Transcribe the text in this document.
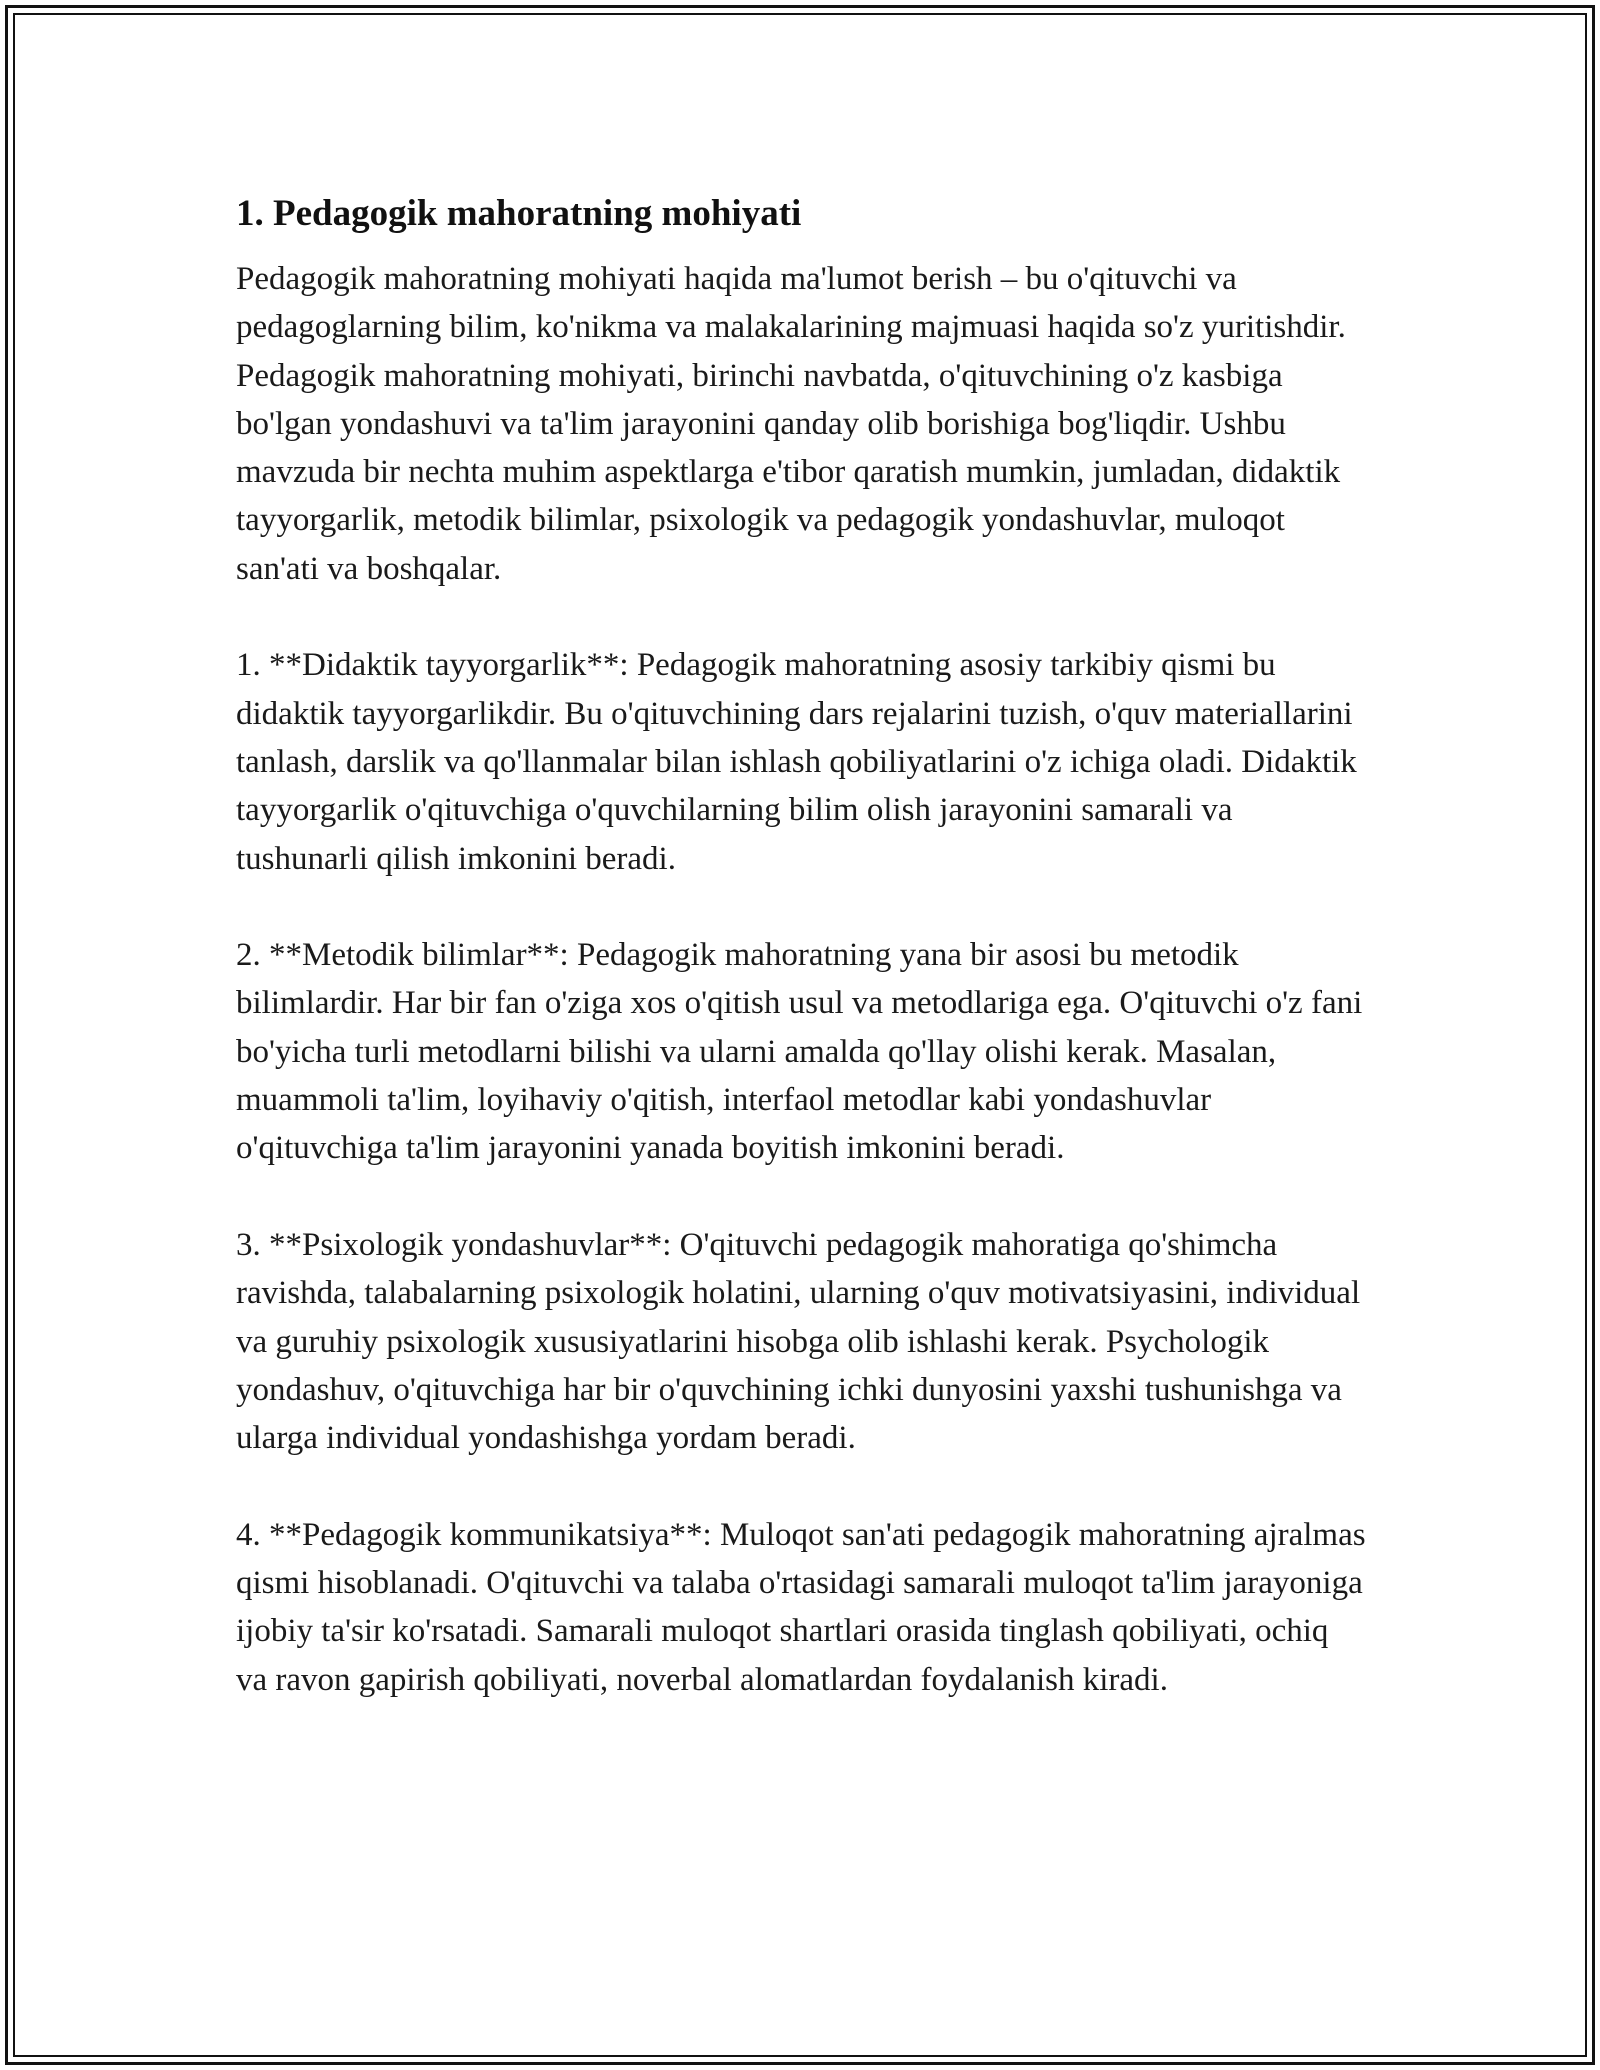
1. Pedagogik mahoratning mohiyati

Pedagogik mahoratning mohiyati haqida ma'lumot berish – bu o'qituvchi va pedagoglarning bilim, ko'nikma va malakalarining majmuasi haqida so'z yuritishdir. Pedagogik mahoratning mohiyati, birinchi navbatda, o'qituvchining o'z kasbiga bo'lgan yondashuvi va ta'lim jarayonini qanday olib borishiga bog'liqdir. Ushbu mavzuda bir nechta muhim aspektlarga e'tibor qaratish mumkin, jumladan, didaktik tayyorgarlik, metodik bilimlar, psixologik va pedagogik yondashuvlar, muloqot san'ati va boshqalar.

1. **Didaktik tayyorgarlik**: Pedagogik mahoratning asosiy tarkibiy qismi bu didaktik tayyorgarlikdir. Bu o'qituvchining dars rejalarini tuzish, o'quv materiallarini tanlash, darslik va qo'llanmalar bilan ishlash qobiliyatlarini o'z ichiga oladi. Didaktik tayyorgarlik o'qituvchiga o'quvchilarning bilim olish jarayonini samarali va tushunarli qilish imkonini beradi.

2. **Metodik bilimlar**: Pedagogik mahoratning yana bir asosi bu metodik bilimlardir. Har bir fan o'ziga xos o'qitish usul va metodlariga ega. O'qituvchi o'z fani bo'yicha turli metodlarni bilishi va ularni amalda qo'llay olishi kerak. Masalan, muammoli ta'lim, loyihaviy o'qitish, interfaol metodlar kabi yondashuvlar o'qituvchiga ta'lim jarayonini yanada boyitish imkonini beradi.

3. **Psixologik yondashuvlar**: O'qituvchi pedagogik mahoratiga qo'shimcha ravishda, talabalarning psixologik holatini, ularning o'quv motivatsiyasini, individual va guruhiy psixologik xususiyatlarini hisobga olib ishlashi kerak. Psychologik yondashuv, o'qituvchiga har bir o'quvchining ichki dunyosini yaxshi tushunishga va ularga individual yondashishga yordam beradi.

4. **Pedagogik kommunikatsiya**: Muloqot san'ati pedagogik mahoratning ajralmas qismi hisoblanadi. O'qituvchi va talaba o'rtasidagi samarali muloqot ta'lim jarayoniga ijobiy ta'sir ko'rsatadi. Samarali muloqot shartlari orasida tinglash qobiliyati, ochiq va ravon gapirish qobiliyati, noverbal alomatlardan foydalanish kiradi.
